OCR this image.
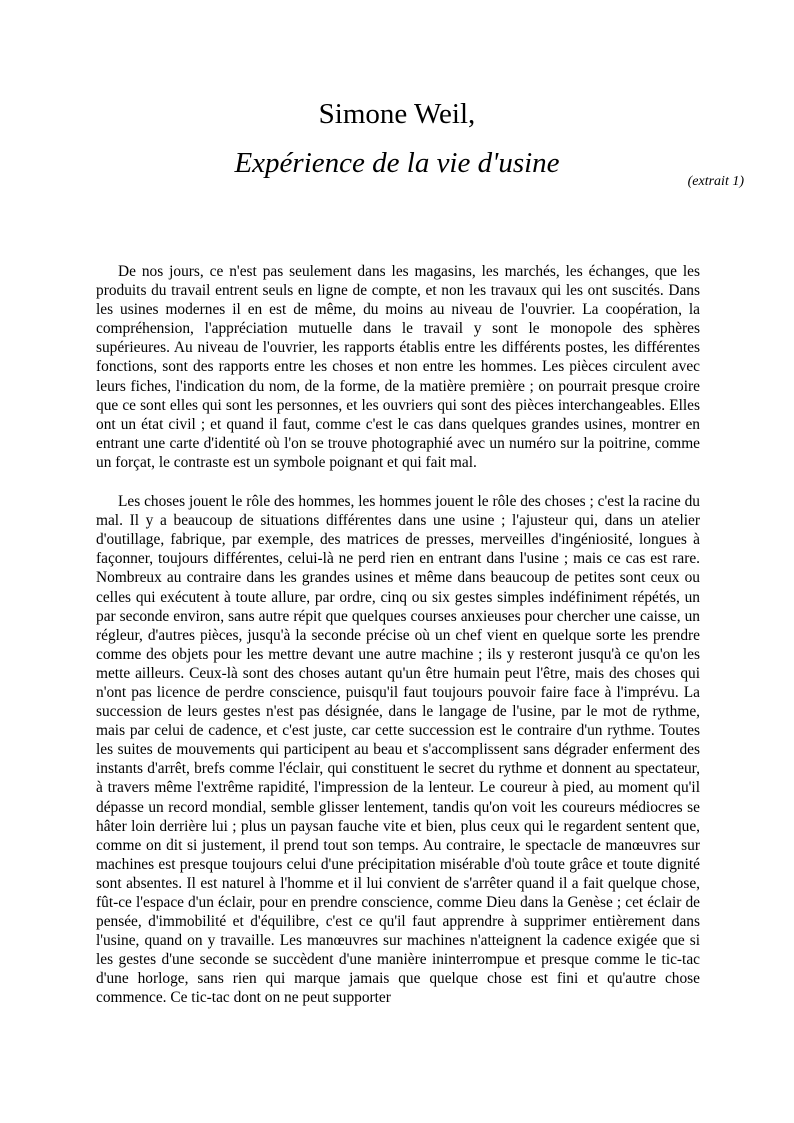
Simone Weil,
Expérience de la vie d'usine
(extrait 1)

De nos jours, ce n'est pas seulement dans les magasins, les marchés, les échanges, que les produits du travail entrent seuls en ligne de compte, et non les travaux qui les ont suscités. Dans les usines modernes il en est de même, du moins au niveau de l'ouvrier. La coopération, la compréhension, l'appréciation mutuelle dans le travail y sont le monopole des sphères supérieures. Au niveau de l'ouvrier, les rapports établis entre les différents postes, les différentes fonctions, sont des rapports entre les choses et non entre les hommes. Les pièces circulent avec leurs fiches, l'indication du nom, de la forme, de la matière première ; on pourrait presque croire que ce sont elles qui sont les personnes, et les ouvriers qui sont des pièces interchangeables. Elles ont un état civil ; et quand il faut, comme c'est le cas dans quelques grandes usines, montrer en entrant une carte d'identité où l'on se trouve photographié avec un numéro sur la poitrine, comme un forçat, le contraste est un symbole poignant et qui fait mal.

Les choses jouent le rôle des hommes, les hommes jouent le rôle des choses ; c'est la racine du mal. Il y a beaucoup de situations différentes dans une usine ; l'ajusteur qui, dans un atelier d'outillage, fabrique, par exemple, des matrices de presses, merveilles d'ingéniosité, longues à façonner, toujours différentes, celui-là ne perd rien en entrant dans l'usine ; mais ce cas est rare. Nombreux au contraire dans les grandes usines et même dans beaucoup de petites sont ceux ou celles qui exécutent à toute allure, par ordre, cinq ou six gestes simples indéfiniment répétés, un par seconde environ, sans autre répit que quelques courses anxieuses pour chercher une caisse, un régleur, d'autres pièces, jusqu'à la seconde précise où un chef vient en quelque sorte les prendre comme des objets pour les mettre devant une autre machine ; ils y resteront jusqu'à ce qu'on les mette ailleurs. Ceux-là sont des choses autant qu'un être humain peut l'être, mais des choses qui n'ont pas licence de perdre conscience, puisqu'il faut toujours pouvoir faire face à l'imprévu. La succession de leurs gestes n'est pas désignée, dans le langage de l'usine, par le mot de rythme, mais par celui de cadence, et c'est juste, car cette succession est le contraire d'un rythme. Toutes les suites de mouvements qui participent au beau et s'accomplissent sans dégrader enferment des instants d'arrêt, brefs comme l'éclair, qui constituent le secret du rythme et donnent au spectateur, à travers même l'extrême rapidité, l'impression de la lenteur. Le coureur à pied, au moment qu'il dépasse un record mondial, semble glisser lentement, tandis qu'on voit les coureurs médiocres se hâter loin derrière lui ; plus un paysan fauche vite et bien, plus ceux qui le regardent sentent que, comme on dit si justement, il prend tout son temps. Au contraire, le spectacle de manœuvres sur machines est presque toujours celui d'une précipitation misérable d'où toute grâce et toute dignité sont absentes. Il est naturel à l'homme et il lui convient de s'arrêter quand il a fait quelque chose, fût-ce l'espace d'un éclair, pour en prendre conscience, comme Dieu dans la Genèse ; cet éclair de pensée, d'immobilité et d'équilibre, c'est ce qu'il faut apprendre à supprimer entièrement dans l'usine, quand on y travaille. Les manœuvres sur machines n'atteignent la cadence exigée que si les gestes d'une seconde se succèdent d'une manière ininterrompue et presque comme le tic-tac d'une horloge, sans rien qui marque jamais que quelque chose est fini et qu'autre chose commence. Ce tic-tac dont on ne peut supporter
